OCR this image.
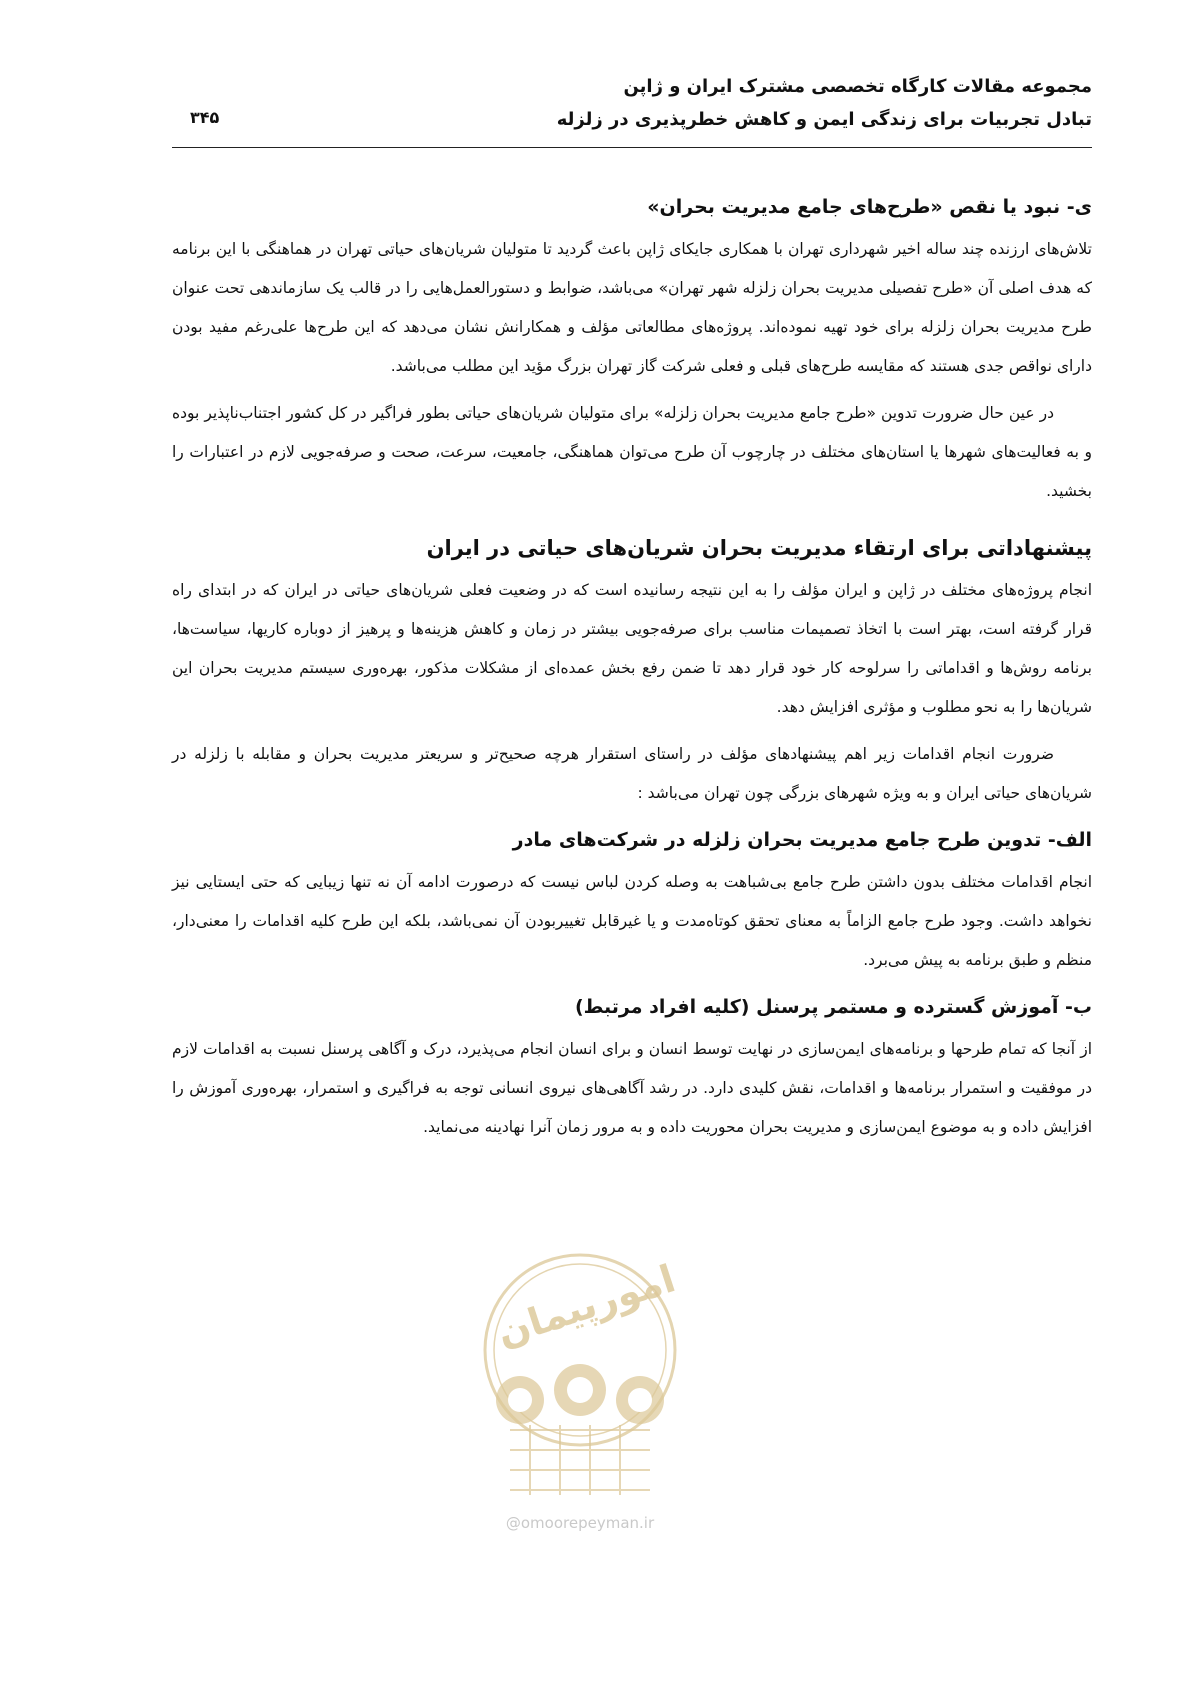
مجموعه مقالات کارگاه تخصصی مشترک ایران و ژاپن
تبادل تجربیات برای زندگی ایمن و کاهش خطرپذیری در زلزله
۳۴۵
ی- نبود یا نقص «طرح‌های جامع مدیریت بحران»

تلاش‌های ارزنده چند ساله اخیر شهرداری تهران با همکاری جایکای ژاپن باعث گردید تا متولیان شریان‌های حیاتی تهران در هماهنگی با این برنامه که هدف اصلی آن «طرح تفصیلی مدیریت بحران زلزله شهر تهران» می‌باشد، ضوابط و دستورالعمل‌هایی را در قالب یک سازماندهی تحت عنوان طرح مدیریت بحران زلزله برای خود تهیه نموده‌اند. پروژه‌های مطالعاتی مؤلف و همکارانش نشان می‌دهد که این طرح‌ها علی‌رغم مفید بودن دارای نواقص جدی هستند که مقایسه طرح‌های قبلی و فعلی شرکت گاز تهران بزرگ مؤید این مطلب می‌باشد.

در عین حال ضرورت تدوین «طرح جامع مدیریت بحران زلزله» برای متولیان شریان‌های حیاتی بطور فراگیر در کل کشور اجتناب‌ناپذیر بوده و به فعالیت‌های شهرها یا استان‌های مختلف در چارچوب آن طرح می‌توان هماهنگی، جامعیت، سرعت، صحت و صرفه‌جویی لازم در اعتبارات را بخشید.

پیشنهاداتی برای ارتقاء مدیریت بحران شریان‌های حیاتی در ایران

انجام پروژه‌های مختلف در ژاپن و ایران مؤلف را به این نتیجه رسانیده است که در وضعیت فعلی شریان‌های حیاتی در ایران که در ابتدای راه قرار گرفته است، بهتر است با اتخاذ تصمیمات مناسب برای صرفه‌جویی بیشتر در زمان و کاهش هزینه‌ها و پرهیز از دوباره کاریها، سیاست‌ها، برنامه روش‌ها و اقداماتی را سرلوحه کار خود قرار دهد تا ضمن رفع بخش عمده‌ای از مشکلات مذکور، بهره‌وری سیستم مدیریت بحران این شریان‌ها را به نحو مطلوب و مؤثری افزایش دهد.

ضرورت انجام اقدامات زیر اهم پیشنهادهای مؤلف در راستای استقرار هرچه صحیح‌تر و سریعتر مدیریت بحران و مقابله با زلزله در شریان‌های حیاتی ایران و به ویژه شهرهای بزرگی چون تهران می‌باشد :

الف- تدوین طرح جامع مدیریت بحران زلزله در شرکت‌های مادر

انجام اقدامات مختلف بدون داشتن طرح جامع بی‌شباهت به وصله کردن لباس نیست که درصورت ادامه آن نه تنها زیبایی که حتی ایستایی نیز نخواهد داشت. وجود طرح جامع الزاماً به معنای تحقق کوتاه‌مدت و یا غیرقابل تغییربودن آن نمی‌باشد، بلکه این طرح کلیه اقدامات را معنی‌دار، منظم و طبق برنامه به پیش می‌برد.

ب- آموزش گسترده و مستمر پرسنل (کلیه افراد مرتبط)

از آنجا که تمام طرحها و برنامه‌های ایمن‌سازی در نهایت توسط انسان و برای انسان انجام می‌پذیرد، درک و آگاهی پرسنل نسبت به اقدامات لازم در موفقیت و استمرار برنامه‌ها و اقدامات، نقش کلیدی دارد. در رشد آگاهی‌های نیروی انسانی توجه به فراگیری و استمرار، بهره‌وری آموزش را افزایش داده و به موضوع ایمن‌سازی و مدیریت بحران محوریت داده و به مرور زمان آنرا نهادینه می‌نماید.

امورپیمان
@omoorepeyman.ir
